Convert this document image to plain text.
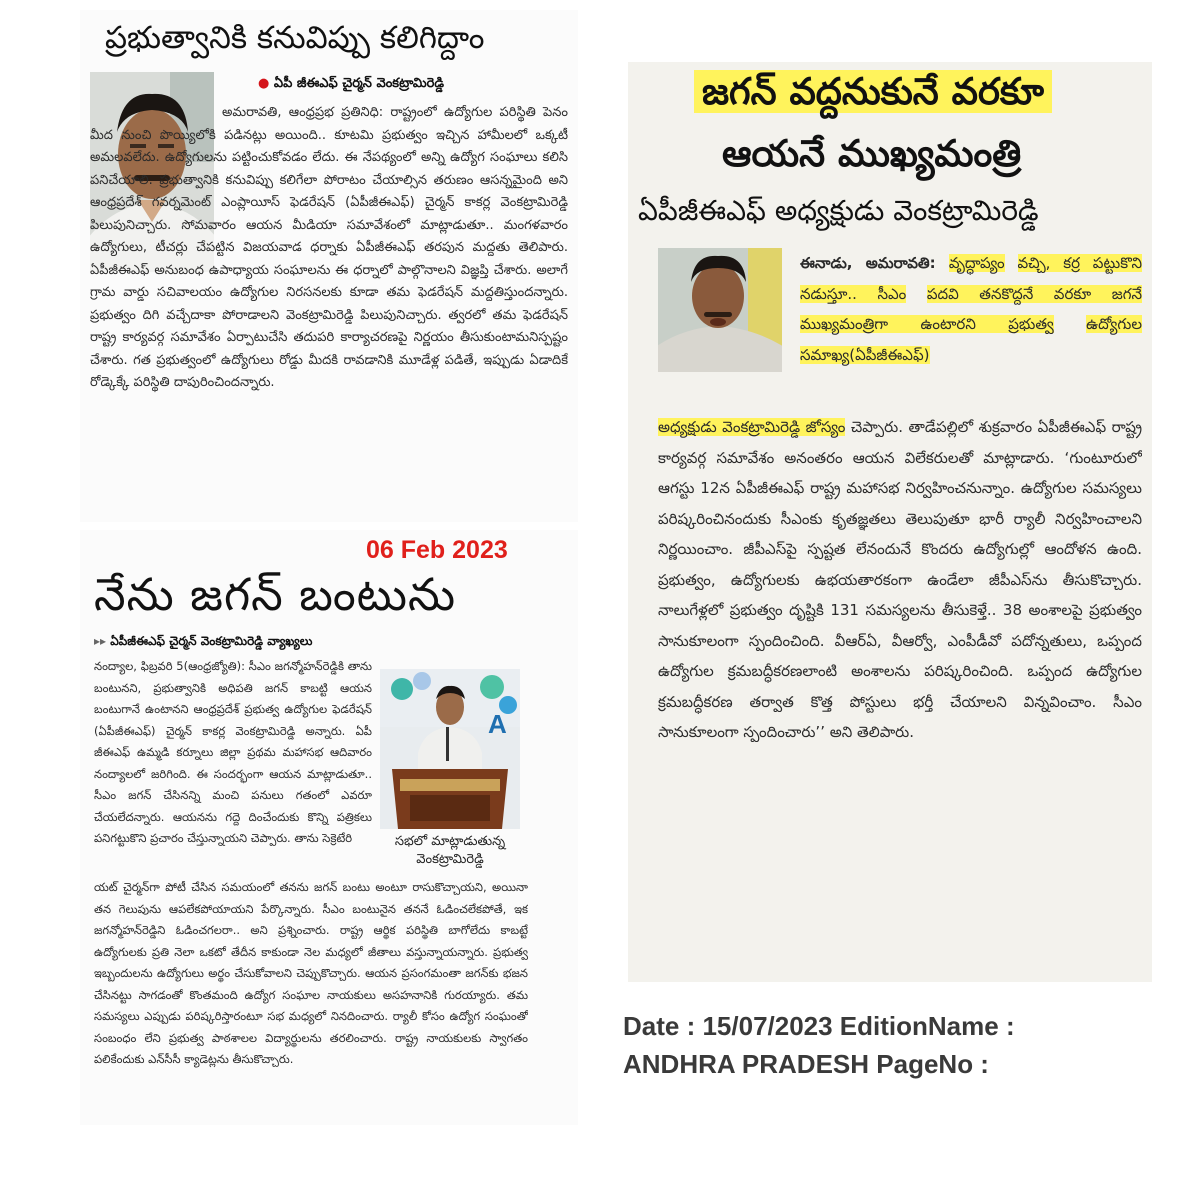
ప్రభుత్వానికి కనువిప్పు కలిగిద్దాం
● ఏపీ జీఈఎఫ్ చైర్మన్ వెంకట్రామిరెడ్డి
అమరావతి, ఆంధ్రప్రభ ప్రతినిధి: రాష్ట్రంలో ఉద్యోగుల పరిస్థితి పెనం మీద నుంచి పొయ్యిలోకి పడినట్లు అయింది.. కూటమి ప్రభుత్వం ఇచ్చిన హామీలలో ఒక్కటీ అమలవలేదు. ఉద్యోగులను పట్టించుకోవడం లేదు. ఈ నేపథ్యంలో అన్ని ఉద్యోగ సంఘాలు కలిసి పనిచేయాలి. ప్రభుత్వానికి కనువిప్పు కలిగేలా పోరాటం చేయాల్సిన తరుణం ఆసన్నమైంది అని ఆంధ్రప్రదేశ్ గవర్నమెంట్ ఎంప్లాయీస్ ఫెడరేషన్ (ఏపీజీఈఎఫ్) చైర్మన్ కాకర్ల వెంకట్రామిరెడ్డి పిలుపునిచ్చారు. సోమవారం ఆయన మీడియా సమావేశంలో మాట్లాడుతూ.. మంగళవారం ఉద్యోగులు, టీచర్లు చేపట్టిన విజయవాడ ధర్నాకు ఏపీజీఈఎఫ్ తరపున మద్దతు తెలిపారు. ఏపీజీఈఎఫ్ అనుబంధ ఉపాధ్యాయ సంఘాలను ఈ ధర్నాలో పాల్గొనాలని విజ్ఞప్తి చేశారు. అలాగే గ్రామ వార్డు సచివాలయం ఉద్యోగుల నిరసనలకు కూడా తమ ఫెడరేషన్ మద్దతిస్తుందన్నారు. ప్రభుత్వం దిగి వచ్చేదాకా పోరాడాలని వెంకట్రామిరెడ్డి పిలుపునిచ్చారు. త్వరలో తమ ఫెడరేషన్ రాష్ట్ర కార్యవర్గ సమావేశం ఏర్పాటుచేసి తదుపరి కార్యాచరణపై నిర్ణయం తీసుకుంటామనిస్పష్టం చేశారు. గత ప్రభుత్వంలో ఉద్యోగులు రోడ్డు మీదకి రావడానికి మూడేళ్ల పడితే, ఇప్పుడు ఏడాదికే రోడ్కెక్కే పరిస్థితి దాపురించిందన్నారు.
06 Feb 2023
నేను జగన్ బంటును
▸▸ ఏపీజీఈఎఫ్ చైర్మన్ వెంకట్రామిరెడ్డి వ్యాఖ్యలు
నంద్యాల, ఫిబ్రవరి 5(ఆంధ్రజ్యోతి): సీఎం జగన్మోహన్‌రెడ్డికి తాను బంటునని, ప్రభుత్వానికి అధిపతి జగన్ కాబట్టి ఆయన బంటుగానే ఉంటానని ఆంధ్రప్రదేశ్ ప్రభుత్వ ఉద్యోగుల ఫెడరేషన్ (ఏపీజీఈఎఫ్) చైర్మన్ కాకర్ల వెంకట్రామిరెడ్డి అన్నారు. ఏపీ జీఈఎఫ్ ఉమ్మడి కర్నూలు జిల్లా ప్రథమ మహాసభ ఆదివారం నంద్యాలలో జరిగింది. ఈ సందర్భంగా ఆయన మాట్లాడుతూ.. సీఎం జగన్ చేసినన్ని మంచి పనులు గతంలో ఎవరూ చేయలేదన్నారు. ఆయనను గద్దె దించేందుకు కొన్ని పత్రికలు పనిగట్టుకొని ప్రచారం చేస్తున్నాయని చెప్పారు. తాను సెక్రెటేరి
A
సభలో మాట్లాడుతున్న
వెంకట్రామిరెడ్డి
యట్ చైర్మన్‌గా పోటీ చేసిన సమయంలో తనను జగన్ బంటు అంటూ రాసుకొచ్చాయని, అయినా తన గెలుపును ఆపలేకపోయాయని పేర్కొన్నారు. సీఎం బంటునైన తననే ఓడించలేకపోతే, ఇక జగన్మోహన్‌రెడ్డిని ఓడించగలరా.. అని ప్రశ్నించారు. రాష్ట్ర ఆర్థిక పరిస్థితి బాగోలేదు కాబట్టే ఉద్యోగులకు ప్రతి నెలా ఒకటో తేదీన కాకుండా నెల మధ్యలో జీతాలు వస్తున్నాయన్నారు. ప్రభుత్వ ఇబ్బందులను ఉద్యోగులు అర్థం చేసుకోవాలని చెప్పుకొచ్చారు. ఆయన ప్రసంగమంతా జగన్‌కు భజన చేసినట్టు సాగడంతో కొంతమంది ఉద్యోగ సంఘాల నాయకులు అసహనానికి గురయ్యారు. తమ సమస్యలు ఎప్పుడు పరిష్కరిస్తారంటూ సభ మధ్యలో నినదించారు. ర్యాలీ కోసం ఉద్యోగ సంఘంతో సంబంధం లేని ప్రభుత్వ పాఠశాలల విద్యార్థులను తరలించారు. రాష్ట్ర నాయకులకు స్వాగతం పలికేందుకు ఎన్‌సీసీ క్యాడెట్లను తీసుకొచ్చారు.
జగన్ వద్దనుకునే వరకూ
ఆయనే ముఖ్యమంత్రి
ఏపీజీఈఎఫ్ అధ్యక్షుడు వెంకట్రామిరెడ్డి
ఈనాడు, అమరావతి: వృద్ధాప్యం వచ్చి, కర్ర పట్టుకొని నడుస్తూ.. సీఎం పదవి తనకొద్దనే వరకూ జగనే ముఖ్యమంత్రిగా ఉంటారని ప్రభుత్వ ఉద్యోగుల సమాఖ్య(ఏపీజీఈఎఫ్)
అధ్యక్షుడు వెంకట్రామిరెడ్డి జోస్యం చెప్పారు. తాడేపల్లిలో శుక్రవారం ఏపీజీఈఎఫ్ రాష్ట్ర కార్యవర్గ సమావేశం అనంతరం ఆయన విలేకరులతో మాట్లాడారు. ‘గుంటూరులో ఆగస్టు 12న ఏపీజీఈఎఫ్ రాష్ట్ర మహాసభ నిర్వహించనున్నాం. ఉద్యోగుల సమస్యలు పరిష్కరించినందుకు సీఎంకు కృతజ్ఞతలు తెలుపుతూ భారీ ర్యాలీ నిర్వహించాలని నిర్ణయించాం. జీపీఎస్‌పై స్పష్టత లేనందునే కొందరు ఉద్యోగుల్లో ఆందోళన ఉంది. ప్రభుత్వం, ఉద్యోగులకు ఉభయతారకంగా ఉండేలా జీపీఎస్‌ను తీసుకొచ్చారు. నాలుగేళ్లలో ప్రభుత్వం దృష్టికి 131 సమస్యలను తీసుకెళ్తే.. 38 అంశాలపై ప్రభుత్వం సానుకూలంగా స్పందించింది. వీఆర్‌ఏ, వీఆర్వో, ఎంపీడీవో పదోన్నతులు, ఒప్పంద ఉద్యోగుల క్రమబద్ధీకరణలాంటి అంశాలను పరిష్కరించింది. ఒప్పంద ఉద్యోగుల క్రమబద్ధీకరణ తర్వాత కొత్త పోస్టులు భర్తీ చేయాలని విన్నవించాం. సీఎం సానుకూలంగా స్పందించారు’’ అని తెలిపారు.
Date : 15/07/2023 EditionName :
ANDHRA PRADESH PageNo :
